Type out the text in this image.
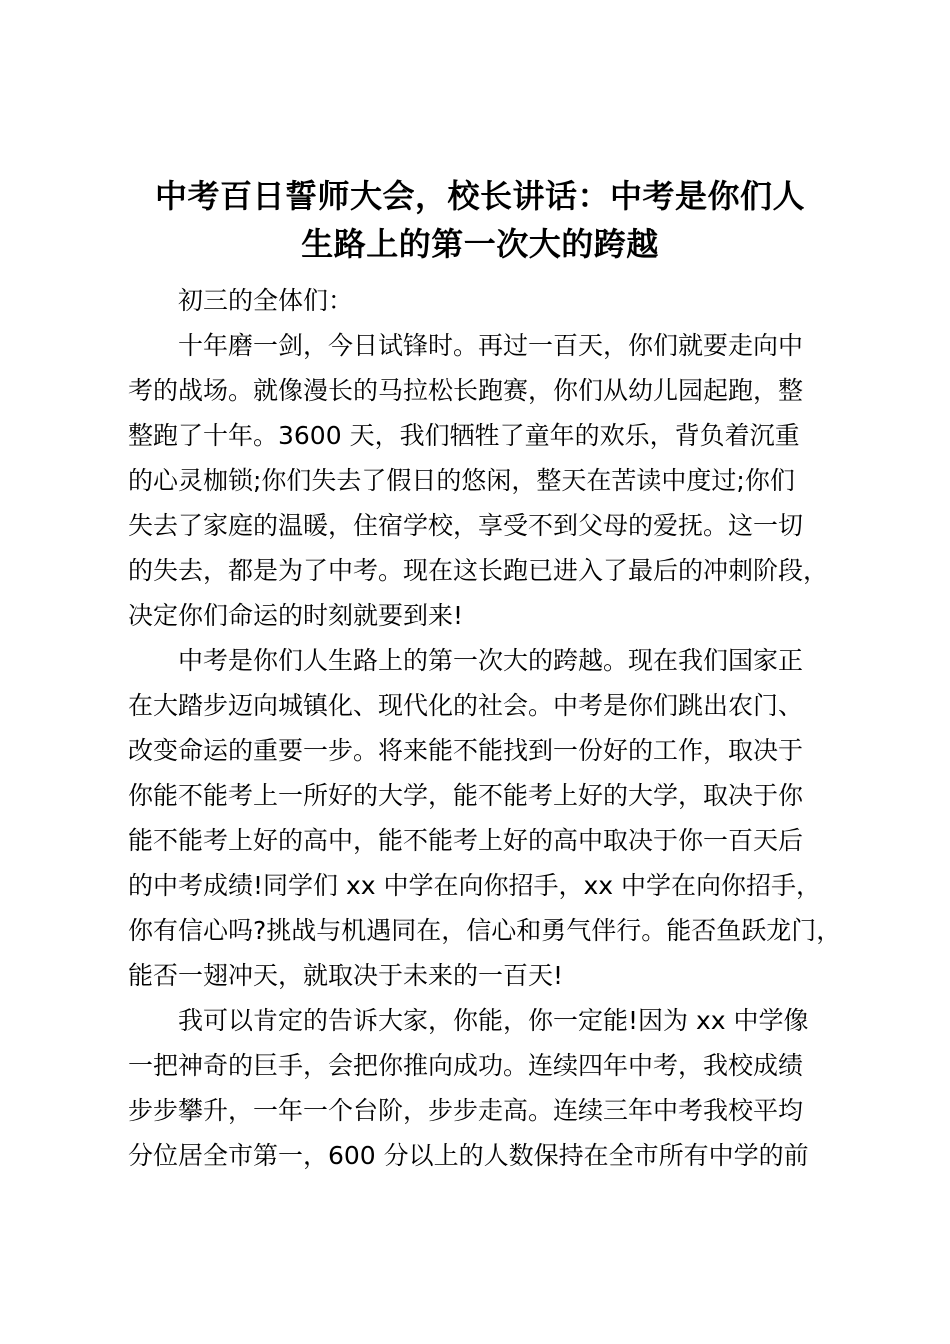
中考百日誓师大会，校长讲话：中考是你们人
生路上的第一次大的跨越
初三的全体们：
十年磨一剑，今日试锋时。再过一百天，你们就要走向中
考的战场。就像漫长的马拉松长跑赛，你们从幼儿园起跑，整
整跑了十年。3600 天，我们牺牲了童年的欢乐，背负着沉重
的心灵枷锁;你们失去了假日的悠闲，整天在苦读中度过;你们
失去了家庭的温暖，住宿学校，享受不到父母的爱抚。这一切
的失去，都是为了中考。现在这长跑已进入了最后的冲刺阶段，
决定你们命运的时刻就要到来!
中考是你们人生路上的第一次大的跨越。现在我们国家正
在大踏步迈向城镇化、现代化的社会。中考是你们跳出农门、
改变命运的重要一步。将来能不能找到一份好的工作，取决于
你能不能考上一所好的大学，能不能考上好的大学，取决于你
能不能考上好的高中，能不能考上好的高中取决于你一百天后
的中考成绩!同学们 xx 中学在向你招手，xx 中学在向你招手，
你有信心吗?挑战与机遇同在，信心和勇气伴行。能否鱼跃龙门，
能否一翅冲天，就取决于未来的一百天!
我可以肯定的告诉大家，你能，你一定能!因为 xx 中学像
一把神奇的巨手，会把你推向成功。连续四年中考，我校成绩
步步攀升，一年一个台阶，步步走高。连续三年中考我校平均
分位居全市第一，600 分以上的人数保持在全市所有中学的前
